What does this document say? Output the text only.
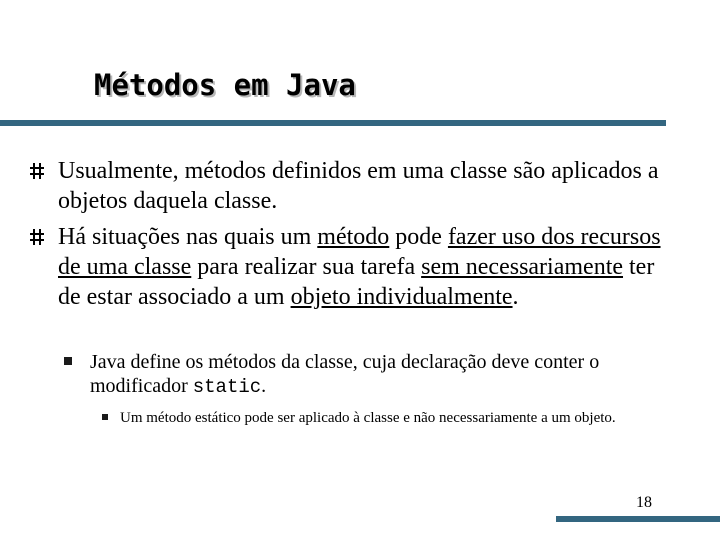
Métodos em Java
Usualmente, métodos definidos em uma classe são aplicados a objetos daquela classe.
Há situações nas quais um método pode fazer uso dos recursos de uma classe para realizar sua tarefa sem necessariamente ter de estar associado a um objeto individualmente.
Java define os métodos da classe, cuja declaração deve conter o modificador static.
Um método estático pode ser aplicado à classe e não necessariamente a um objeto.
18
